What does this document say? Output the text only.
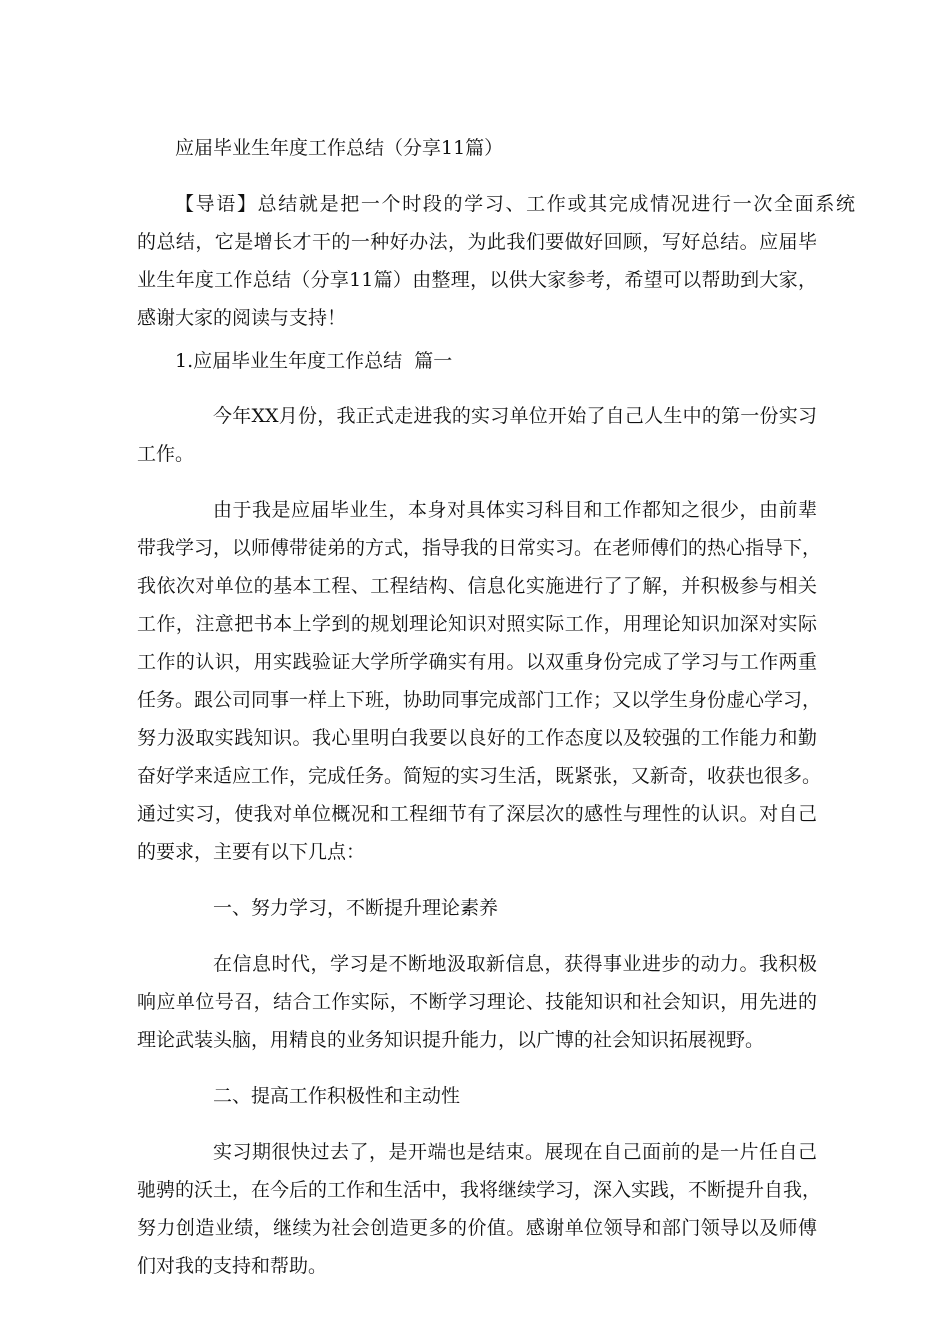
应届毕业生年度工作总结（分享11篇）

【导语】总结就是把一个时段的学习、工作或其完成情况进行一次全面系统

的总结，它是增长才干的一种好办法，为此我们要做好回顾，写好总结。应届毕

业生年度工作总结（分享11篇）由整理，以供大家参考，希望可以帮助到大家，

感谢大家的阅读与支持！

1.应届毕业生年度工作总结  篇一

今年XX月份，我正式走进我的实习单位开始了自己人生中的第一份实习

工作。

由于我是应届毕业生，本身对具体实习科目和工作都知之很少，由前辈

带我学习，以师傅带徒弟的方式，指导我的日常实习。在老师傅们的热心指导下，

我依次对单位的基本工程、工程结构、信息化实施进行了了解，并积极参与相关

工作，注意把书本上学到的规划理论知识对照实际工作，用理论知识加深对实际

工作的认识，用实践验证大学所学确实有用。以双重身份完成了学习与工作两重

任务。跟公司同事一样上下班，协助同事完成部门工作；又以学生身份虚心学习，

努力汲取实践知识。我心里明白我要以良好的工作态度以及较强的工作能力和勤

奋好学来适应工作，完成任务。简短的实习生活，既紧张，又新奇，收获也很多。

通过实习，使我对单位概况和工程细节有了深层次的感性与理性的认识。对自己

的要求，主要有以下几点：

一、努力学习，不断提升理论素养

在信息时代，学习是不断地汲取新信息，获得事业进步的动力。我积极

响应单位号召，结合工作实际，不断学习理论、技能知识和社会知识，用先进的

理论武装头脑，用精良的业务知识提升能力，以广博的社会知识拓展视野。

二、提高工作积极性和主动性

实习期很快过去了，是开端也是结束。展现在自己面前的是一片任自己

驰骋的沃土，在今后的工作和生活中，我将继续学习，深入实践，不断提升自我，

努力创造业绩，继续为社会创造更多的价值。感谢单位领导和部门领导以及师傅

们对我的支持和帮助。
